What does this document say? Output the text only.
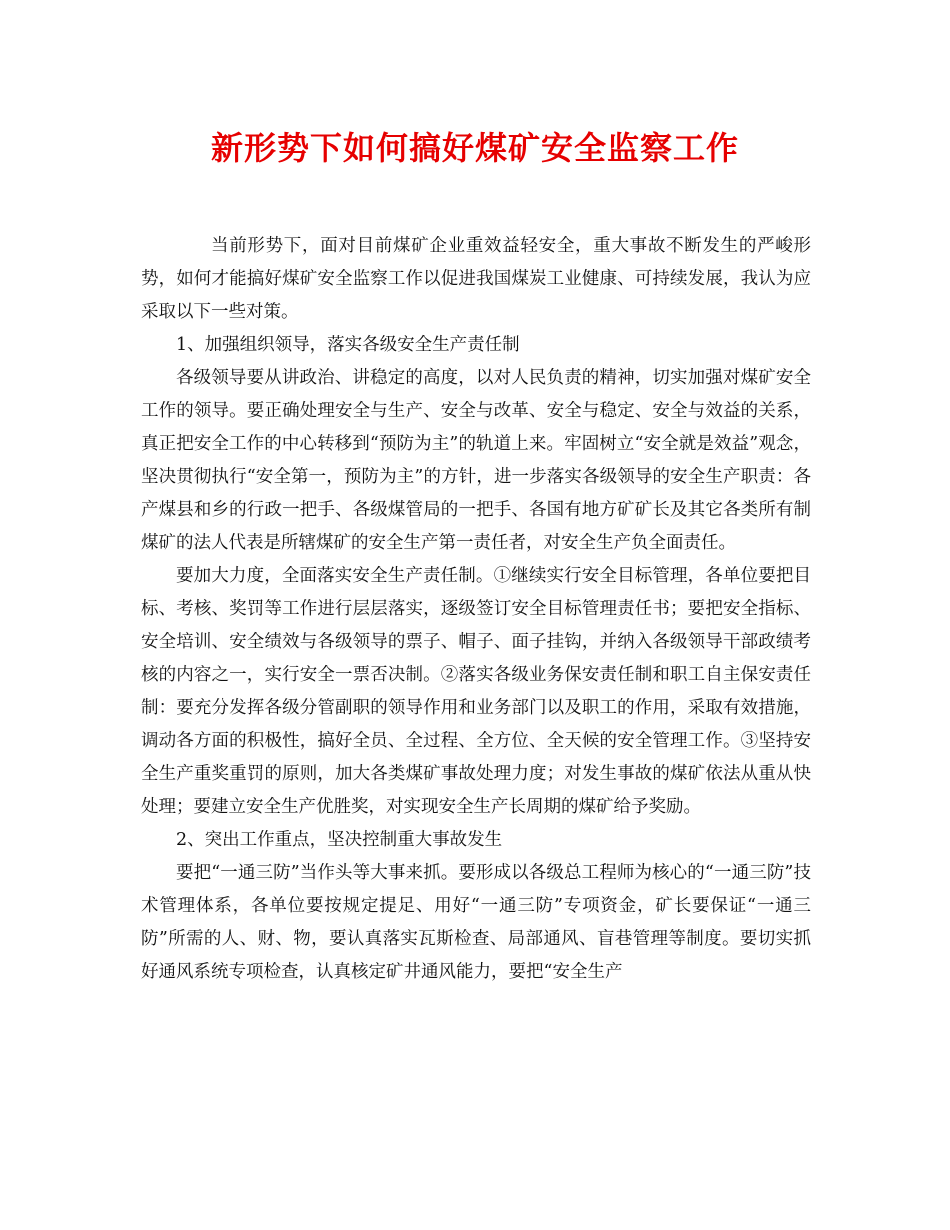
新形势下如何搞好煤矿安全监察工作

当前形势下，面对目前煤矿企业重效益轻安全，重大事故不断发生的严峻形势，如何才能搞好煤矿安全监察工作以促进我国煤炭工业健康、可持续发展，我认为应采取以下一些对策。

1、加强组织领导，落实各级安全生产责任制

各级领导要从讲政治、讲稳定的高度，以对人民负责的精神，切实加强对煤矿安全工作的领导。要正确处理安全与生产、安全与改革、安全与稳定、安全与效益的关系，真正把安全工作的中心转移到“预防为主”的轨道上来。牢固树立“安全就是效益”观念，坚决贯彻执行“安全第一，预防为主”的方针，进一步落实各级领导的安全生产职责：各产煤县和乡的行政一把手、各级煤管局的一把手、各国有地方矿矿长及其它各类所有制煤矿的法人代表是所辖煤矿的安全生产第一责任者，对安全生产负全面责任。

要加大力度，全面落实安全生产责任制。①继续实行安全目标管理，各单位要把目标、考核、奖罚等工作进行层层落实，逐级签订安全目标管理责任书；要把安全指标、安全培训、安全绩效与各级领导的票子、帽子、面子挂钩，并纳入各级领导干部政绩考核的内容之一，实行安全一票否决制。②落实各级业务保安责任制和职工自主保安责任制：要充分发挥各级分管副职的领导作用和业务部门以及职工的作用，采取有效措施，调动各方面的积极性，搞好全员、全过程、全方位、全天候的安全管理工作。③坚持安全生产重奖重罚的原则，加大各类煤矿事故处理力度；对发生事故的煤矿依法从重从快处理；要建立安全生产优胜奖，对实现安全生产长周期的煤矿给予奖励。

2、突出工作重点，坚决控制重大事故发生

要把“一通三防”当作头等大事来抓。要形成以各级总工程师为核心的“一通三防”技术管理体系，各单位要按规定提足、用好“一通三防”专项资金，矿长要保证“一通三防”所需的人、财、物，要认真落实瓦斯检查、局部通风、盲巷管理等制度。要切实抓好通风系统专项检查，认真核定矿井通风能力，要把“安全生产
